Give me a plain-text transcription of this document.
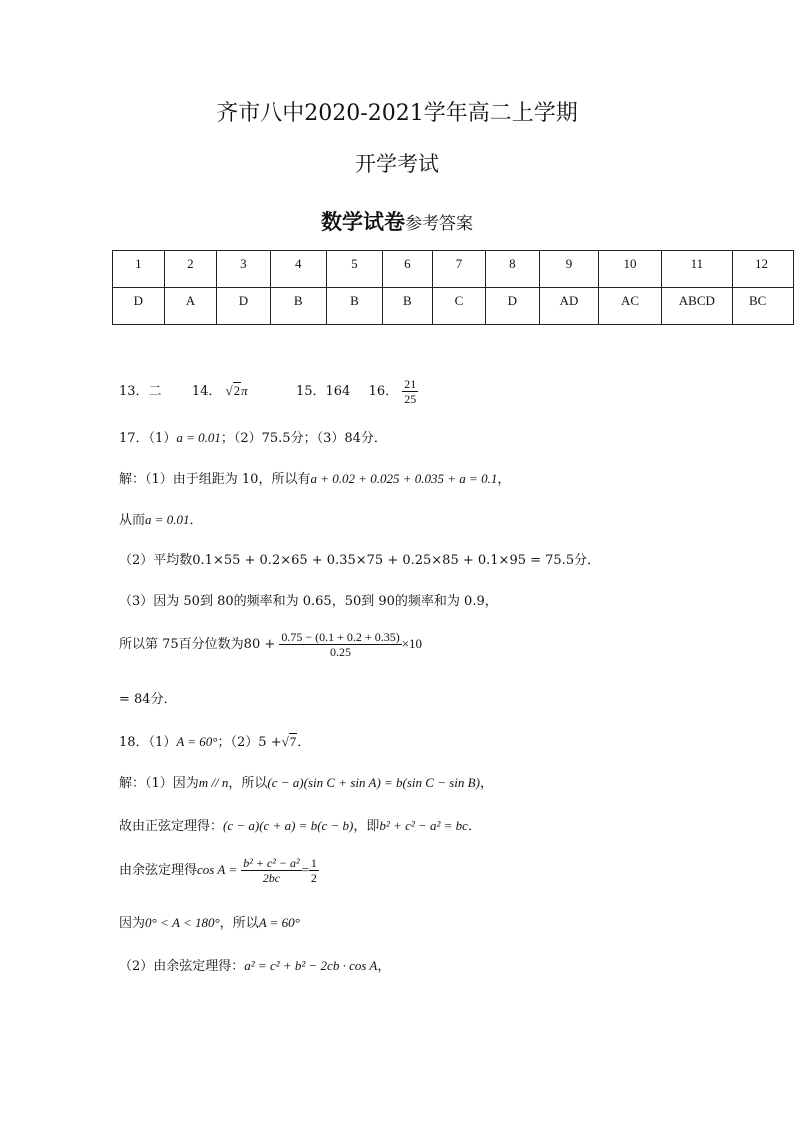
齐市八中2020-2021学年高二上学期
开学考试
数学试卷参考答案
1	2	3	4	5	6	7	8	9	10	11	12
D	A	D	B	B	B	C	D	AD	AC	ABCD	BC
13．二 14． √2π	15．164 16． $\frac{21}{25}$
17．（1）a = 0.01；（2）75.5分；（3）84分．
解：（1）由于组距为 10，所以有a + 0.02 + 0.025 + 0.035 + a = 0.1，
从而a = 0.01．
（2）平均数0.1×55 + 0.2×65 + 0.35×75 + 0.25×85 + 0.1×95 = 75.5分．
（3）因为 50到 80的频率和为 0.65，50到 90的频率和为 0.9，
所以第 75百分位数为$80 + \frac{0.75 - (0.1 + 0.2 + 0.35)}{0.25} \times 10$
= 84分．
18．（1）A = 60°；（2）5 +√7．
解：（1）因为m // n，所以(c − a)(sin C + sin A) = b(sin C − sin B)，
故由正弦定理得：(c − a)(c + a) = b(c − b)，即b² + c² − a² = bc．
由余弦定理得$\cos A = \frac{\text{b² + c² − a²}}{2bc} = \frac{1}{2}$
因为0° < A < 180°，所以A = 60°
（2）由余弦定理得：a² = c² + b² − 2cb · cos A，
